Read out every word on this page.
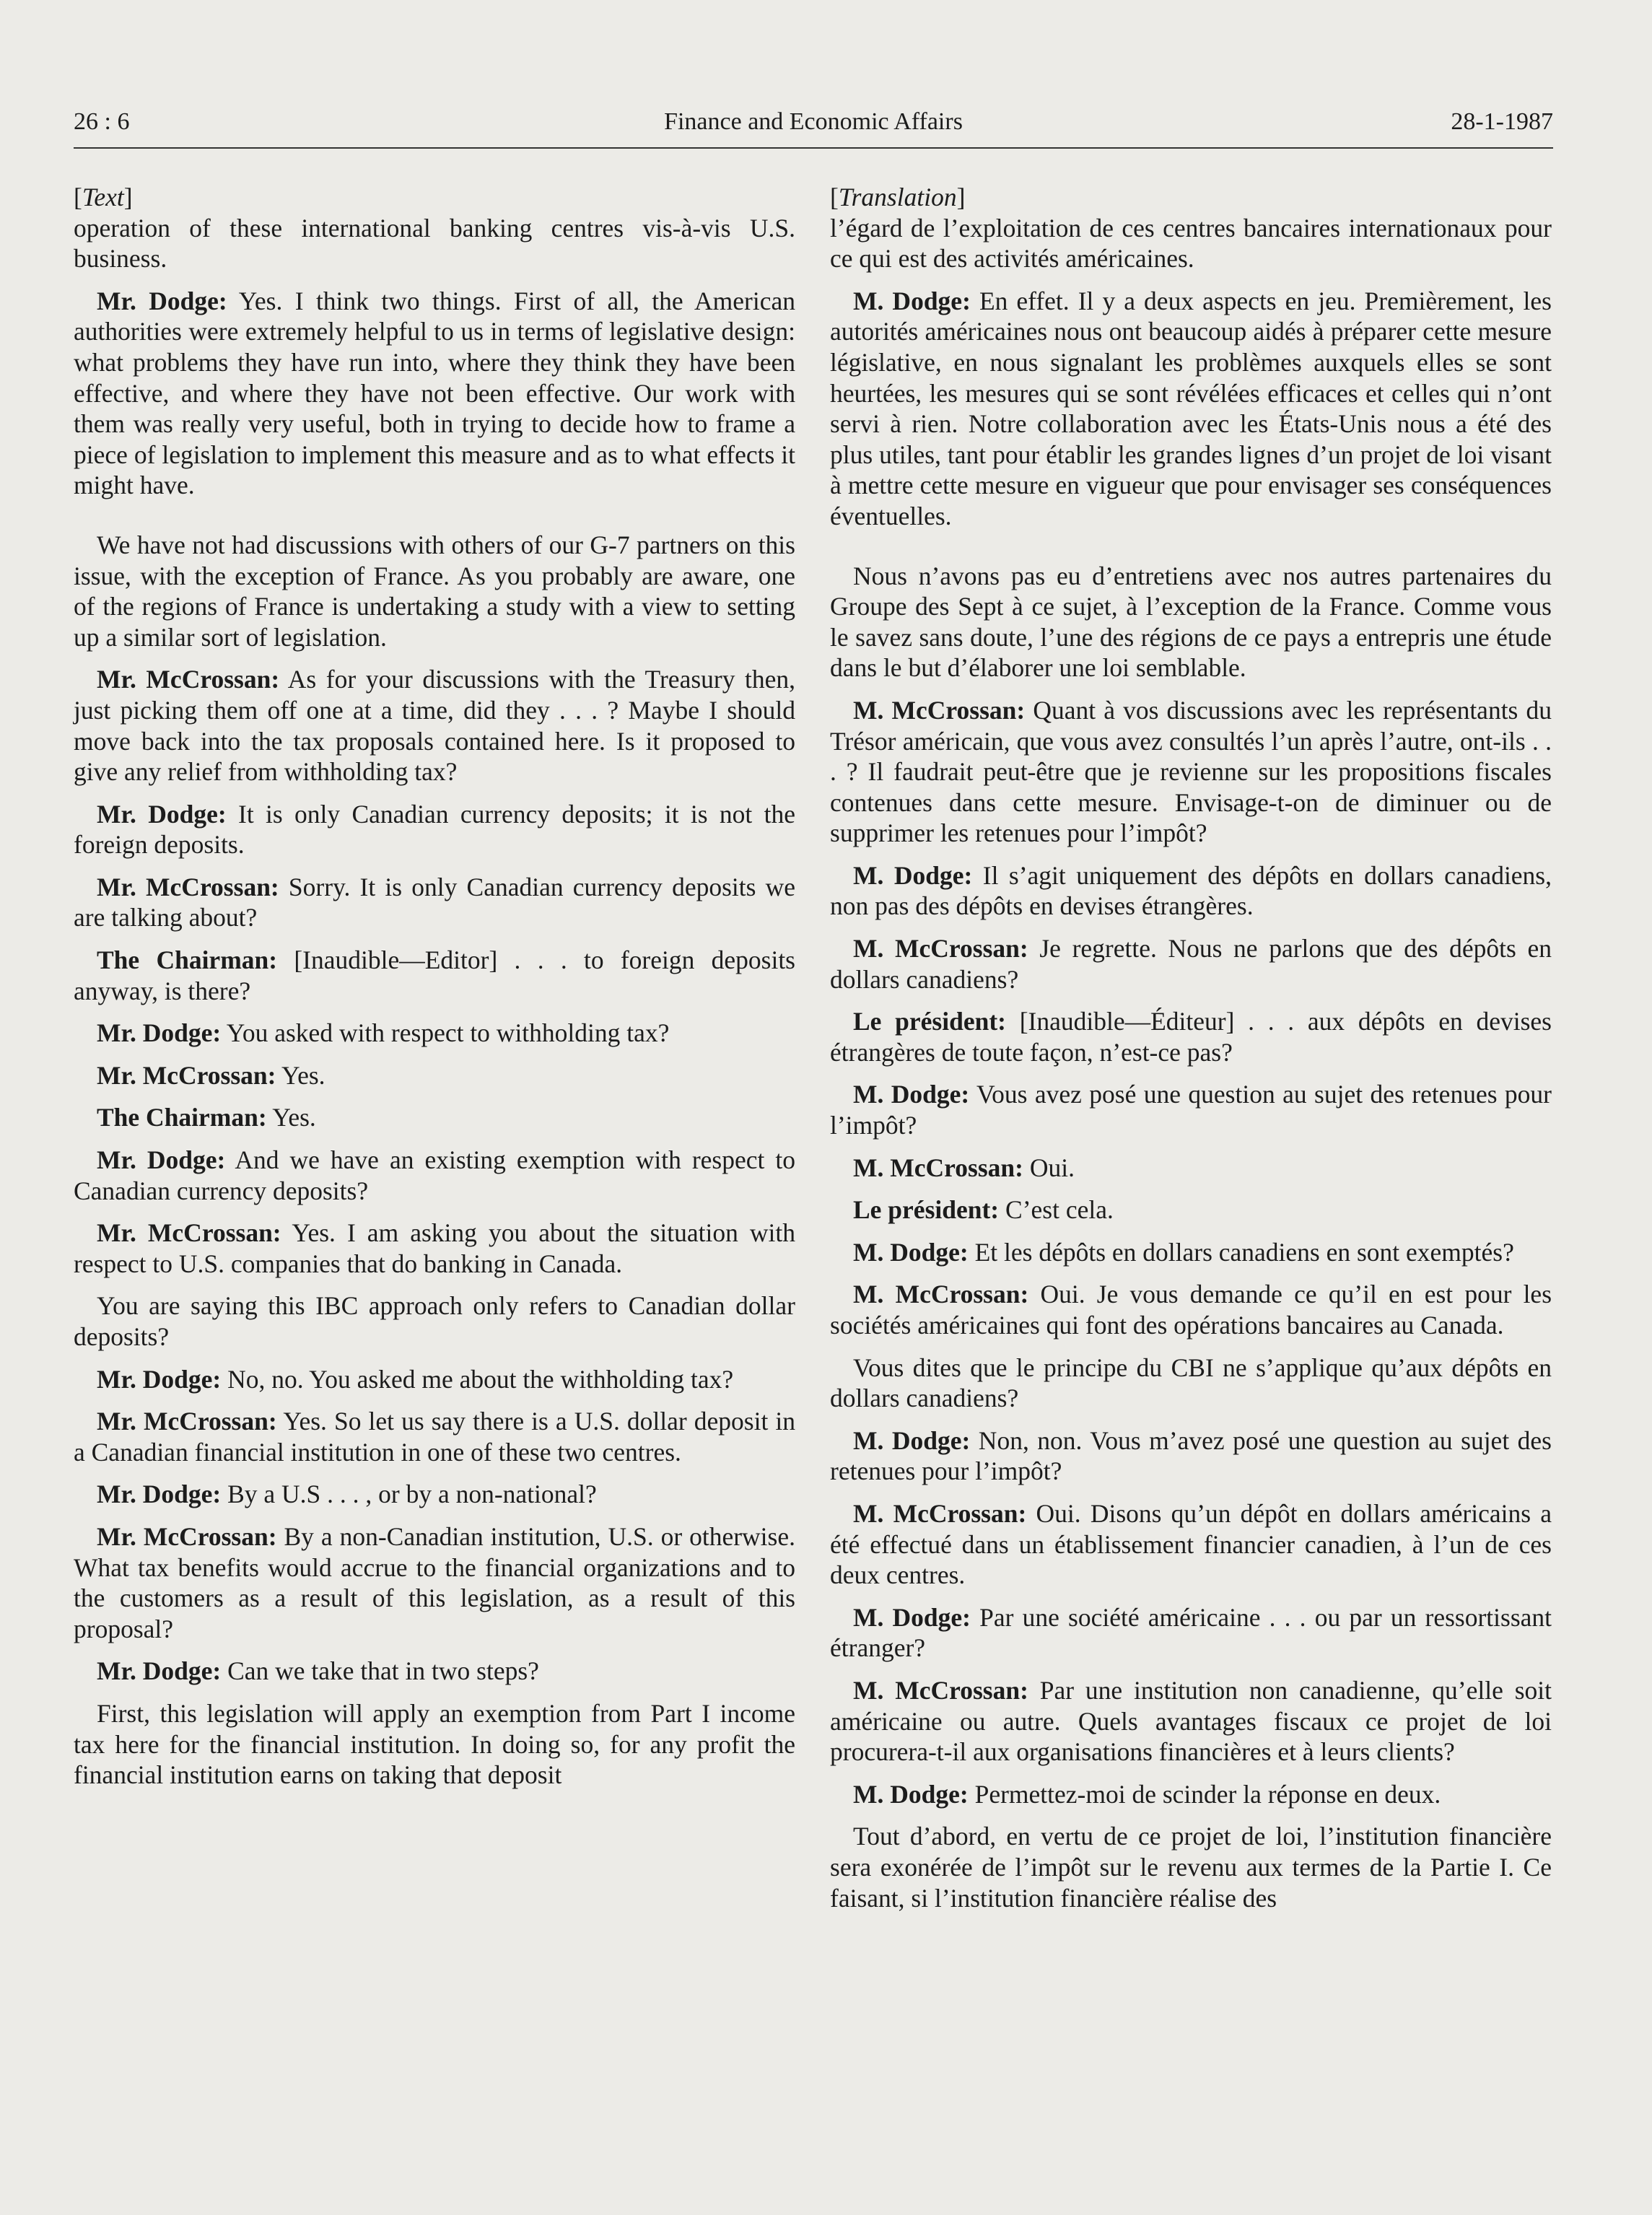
26 : 6	Finance and Economic Affairs	28-1-1987

[Text]

operation of these international banking centres vis-à-vis U.S. business.

Mr. Dodge: Yes. I think two things. First of all, the American authorities were extremely helpful to us in terms of legislative design: what problems they have run into, where they think they have been effective, and where they have not been effective. Our work with them was really very useful, both in trying to decide how to frame a piece of legislation to implement this measure and as to what effects it might have.

We have not had discussions with others of our G-7 partners on this issue, with the exception of France. As you probably are aware, one of the regions of France is undertaking a study with a view to setting up a similar sort of legislation.

Mr. McCrossan: As for your discussions with the Treasury then, just picking them off one at a time, did they . . . ? Maybe I should move back into the tax proposals contained here. Is it proposed to give any relief from withholding tax?

Mr. Dodge: It is only Canadian currency deposits; it is not the foreign deposits.

Mr. McCrossan: Sorry. It is only Canadian currency deposits we are talking about?

The Chairman: [Inaudible—Editor] . . . to foreign deposits anyway, is there?

Mr. Dodge: You asked with respect to withholding tax?

Mr. McCrossan: Yes.

The Chairman: Yes.

Mr. Dodge: And we have an existing exemption with respect to Canadian currency deposits?

Mr. McCrossan: Yes. I am asking you about the situation with respect to U.S. companies that do banking in Canada.

You are saying this IBC approach only refers to Canadian dollar deposits?

Mr. Dodge: No, no. You asked me about the withholding tax?

Mr. McCrossan: Yes. So let us say there is a U.S. dollar deposit in a Canadian financial institution in one of these two centres.

Mr. Dodge: By a U.S . . . , or by a non-national?

Mr. McCrossan: By a non-Canadian institution, U.S. or otherwise. What tax benefits would accrue to the financial organizations and to the customers as a result of this legislation, as a result of this proposal?

Mr. Dodge: Can we take that in two steps?

First, this legislation will apply an exemption from Part I income tax here for the financial institution. In doing so, for any profit the financial institution earns on taking that deposit

[Translation]

l’égard de l’exploitation de ces centres bancaires internationaux pour ce qui est des activités américaines.

M. Dodge: En effet. Il y a deux aspects en jeu. Premièrement, les autorités américaines nous ont beaucoup aidés à préparer cette mesure législative, en nous signalant les problèmes auxquels elles se sont heurtées, les mesures qui se sont révélées efficaces et celles qui n’ont servi à rien. Notre collaboration avec les États-Unis nous a été des plus utiles, tant pour établir les grandes lignes d’un projet de loi visant à mettre cette mesure en vigueur que pour envisager ses conséquences éventuelles.

Nous n’avons pas eu d’entretiens avec nos autres partenaires du Groupe des Sept à ce sujet, à l’exception de la France. Comme vous le savez sans doute, l’une des régions de ce pays a entrepris une étude dans le but d’élaborer une loi semblable.

M. McCrossan: Quant à vos discussions avec les représentants du Trésor américain, que vous avez consultés l’un après l’autre, ont-ils . . . ? Il faudrait peut-être que je revienne sur les propositions fiscales contenues dans cette mesure. Envisage-t-on de diminuer ou de supprimer les retenues pour l’impôt?

M. Dodge: Il s’agit uniquement des dépôts en dollars canadiens, non pas des dépôts en devises étrangères.

M. McCrossan: Je regrette. Nous ne parlons que des dépôts en dollars canadiens?

Le président: [Inaudible—Éditeur] . . . aux dépôts en devises étrangères de toute façon, n’est-ce pas?

M. Dodge: Vous avez posé une question au sujet des retenues pour l’impôt?

M. McCrossan: Oui.

Le président: C’est cela.

M. Dodge: Et les dépôts en dollars canadiens en sont exemptés?

M. McCrossan: Oui. Je vous demande ce qu’il en est pour les sociétés américaines qui font des opérations bancaires au Canada.

Vous dites que le principe du CBI ne s’applique qu’aux dépôts en dollars canadiens?

M. Dodge: Non, non. Vous m’avez posé une question au sujet des retenues pour l’impôt?

M. McCrossan: Oui. Disons qu’un dépôt en dollars américains a été effectué dans un établissement financier canadien, à l’un de ces deux centres.

M. Dodge: Par une société américaine . . . ou par un ressortissant étranger?

M. McCrossan: Par une institution non canadienne, qu’elle soit américaine ou autre. Quels avantages fiscaux ce projet de loi procurera-t-il aux organisations financières et à leurs clients?

M. Dodge: Permettez-moi de scinder la réponse en deux.

Tout d’abord, en vertu de ce projet de loi, l’institution financière sera exonérée de l’impôt sur le revenu aux termes de la Partie I. Ce faisant, si l’institution financière réalise des
